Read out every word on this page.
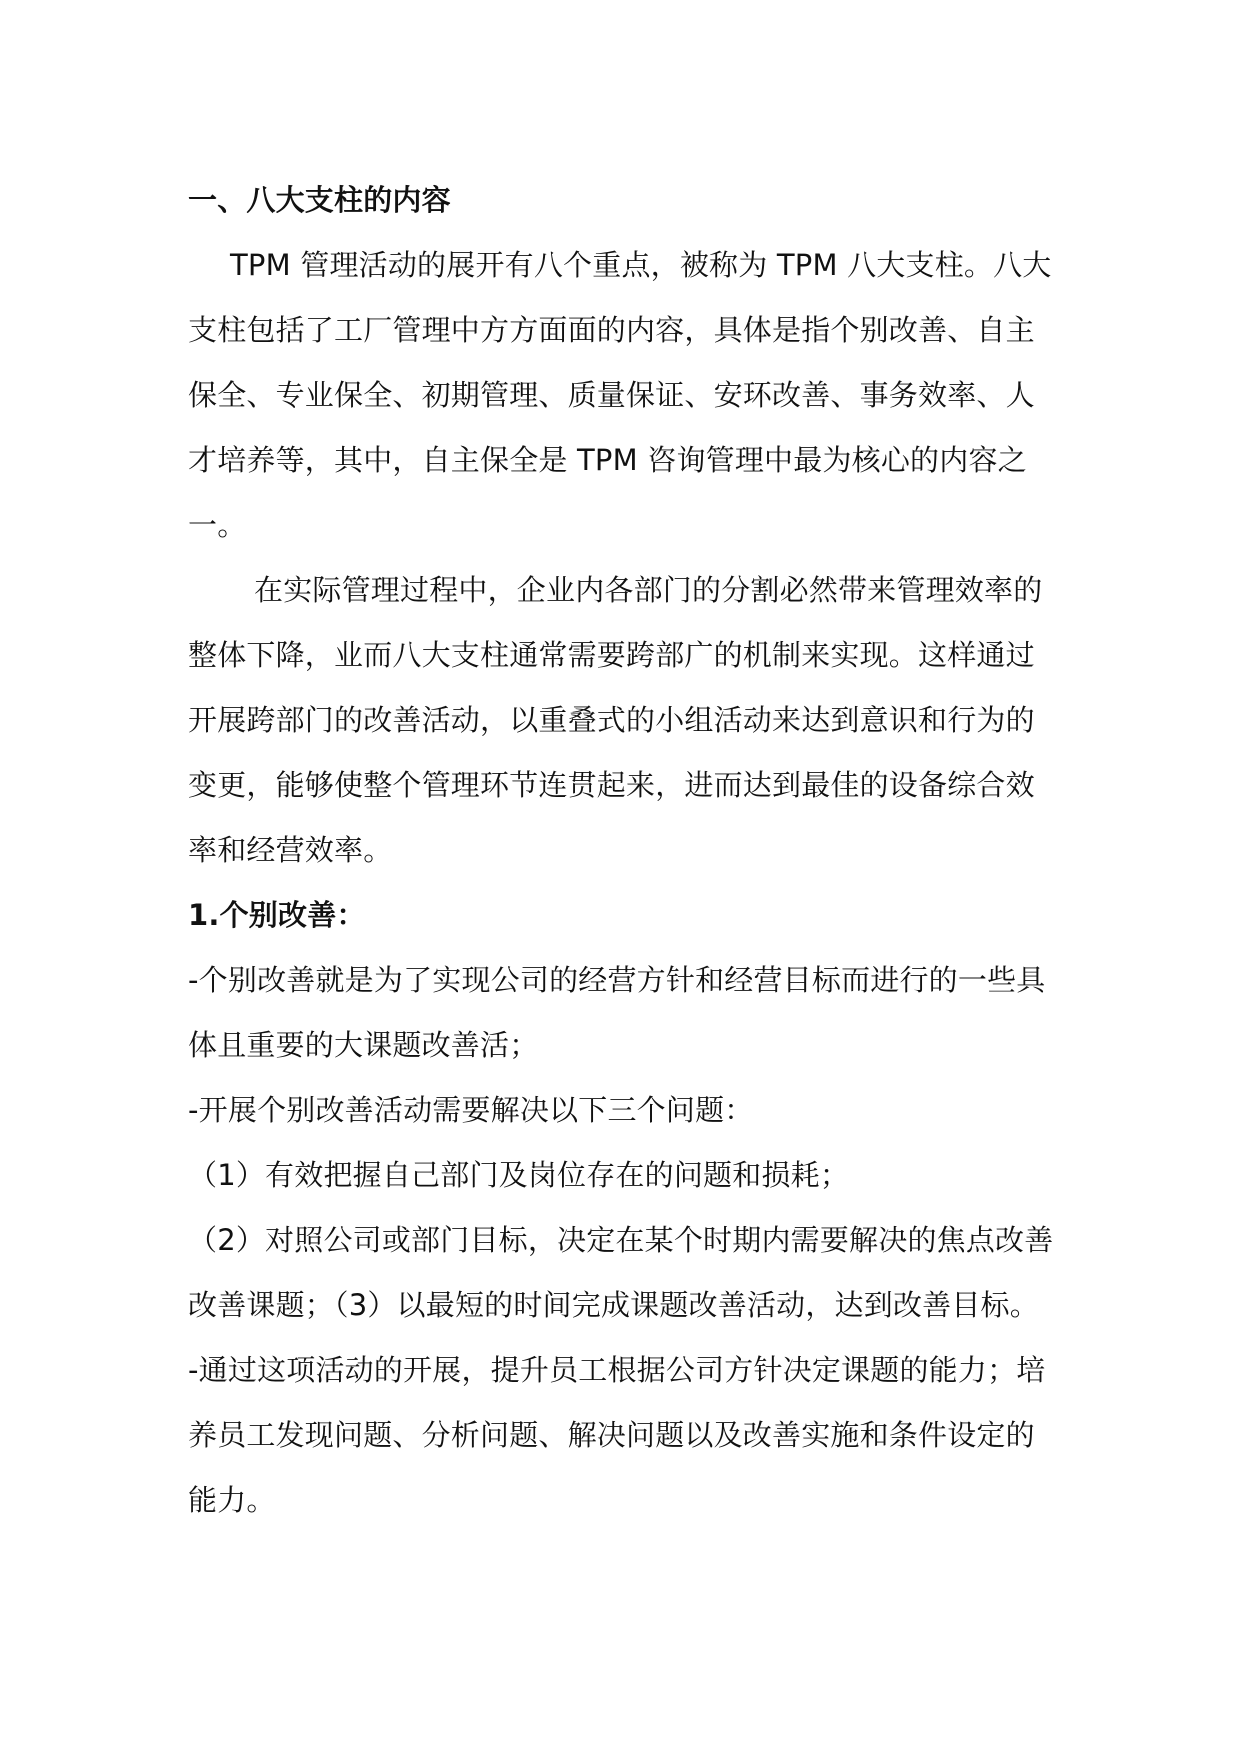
一、八大支柱的内容

TPM 管理活动的展开有八个重点，被称为 TPM 八大支柱。八大支柱包括了工厂管理中方方面面的内容，具体是指个别改善、自主保全、专业保全、初期管理、质量保证、安环改善、事务效率、人才培养等，其中，自主保全是 TPM 咨询管理中最为核心的内容之一。

在实际管理过程中，企业内各部门的分割必然带来管理效率的整体下降，业而八大支柱通常需要跨部广的机制来实现。这样通过开展跨部门的改善活动，以重叠式的小组活动来达到意识和行为的变更，能够使整个管理环节连贯起来，进而达到最佳的设备综合效率和经营效率。

1.个别改善：

-个别改善就是为了实现公司的经营方针和经营目标而进行的一些具体且重要的大课题改善活；

-开展个别改善活动需要解决以下三个问题：

（1）有效把握自己部门及岗位存在的问题和损耗；

（2）对照公司或部门目标，决定在某个时期内需要解决的焦点改善改善课题；（3）以最短的时间完成课题改善活动，达到改善目标。

-通过这项活动的开展，提升员工根据公司方针决定课题的能力；培养员工发现问题、分析问题、解决问题以及改善实施和条件设定的能力。
